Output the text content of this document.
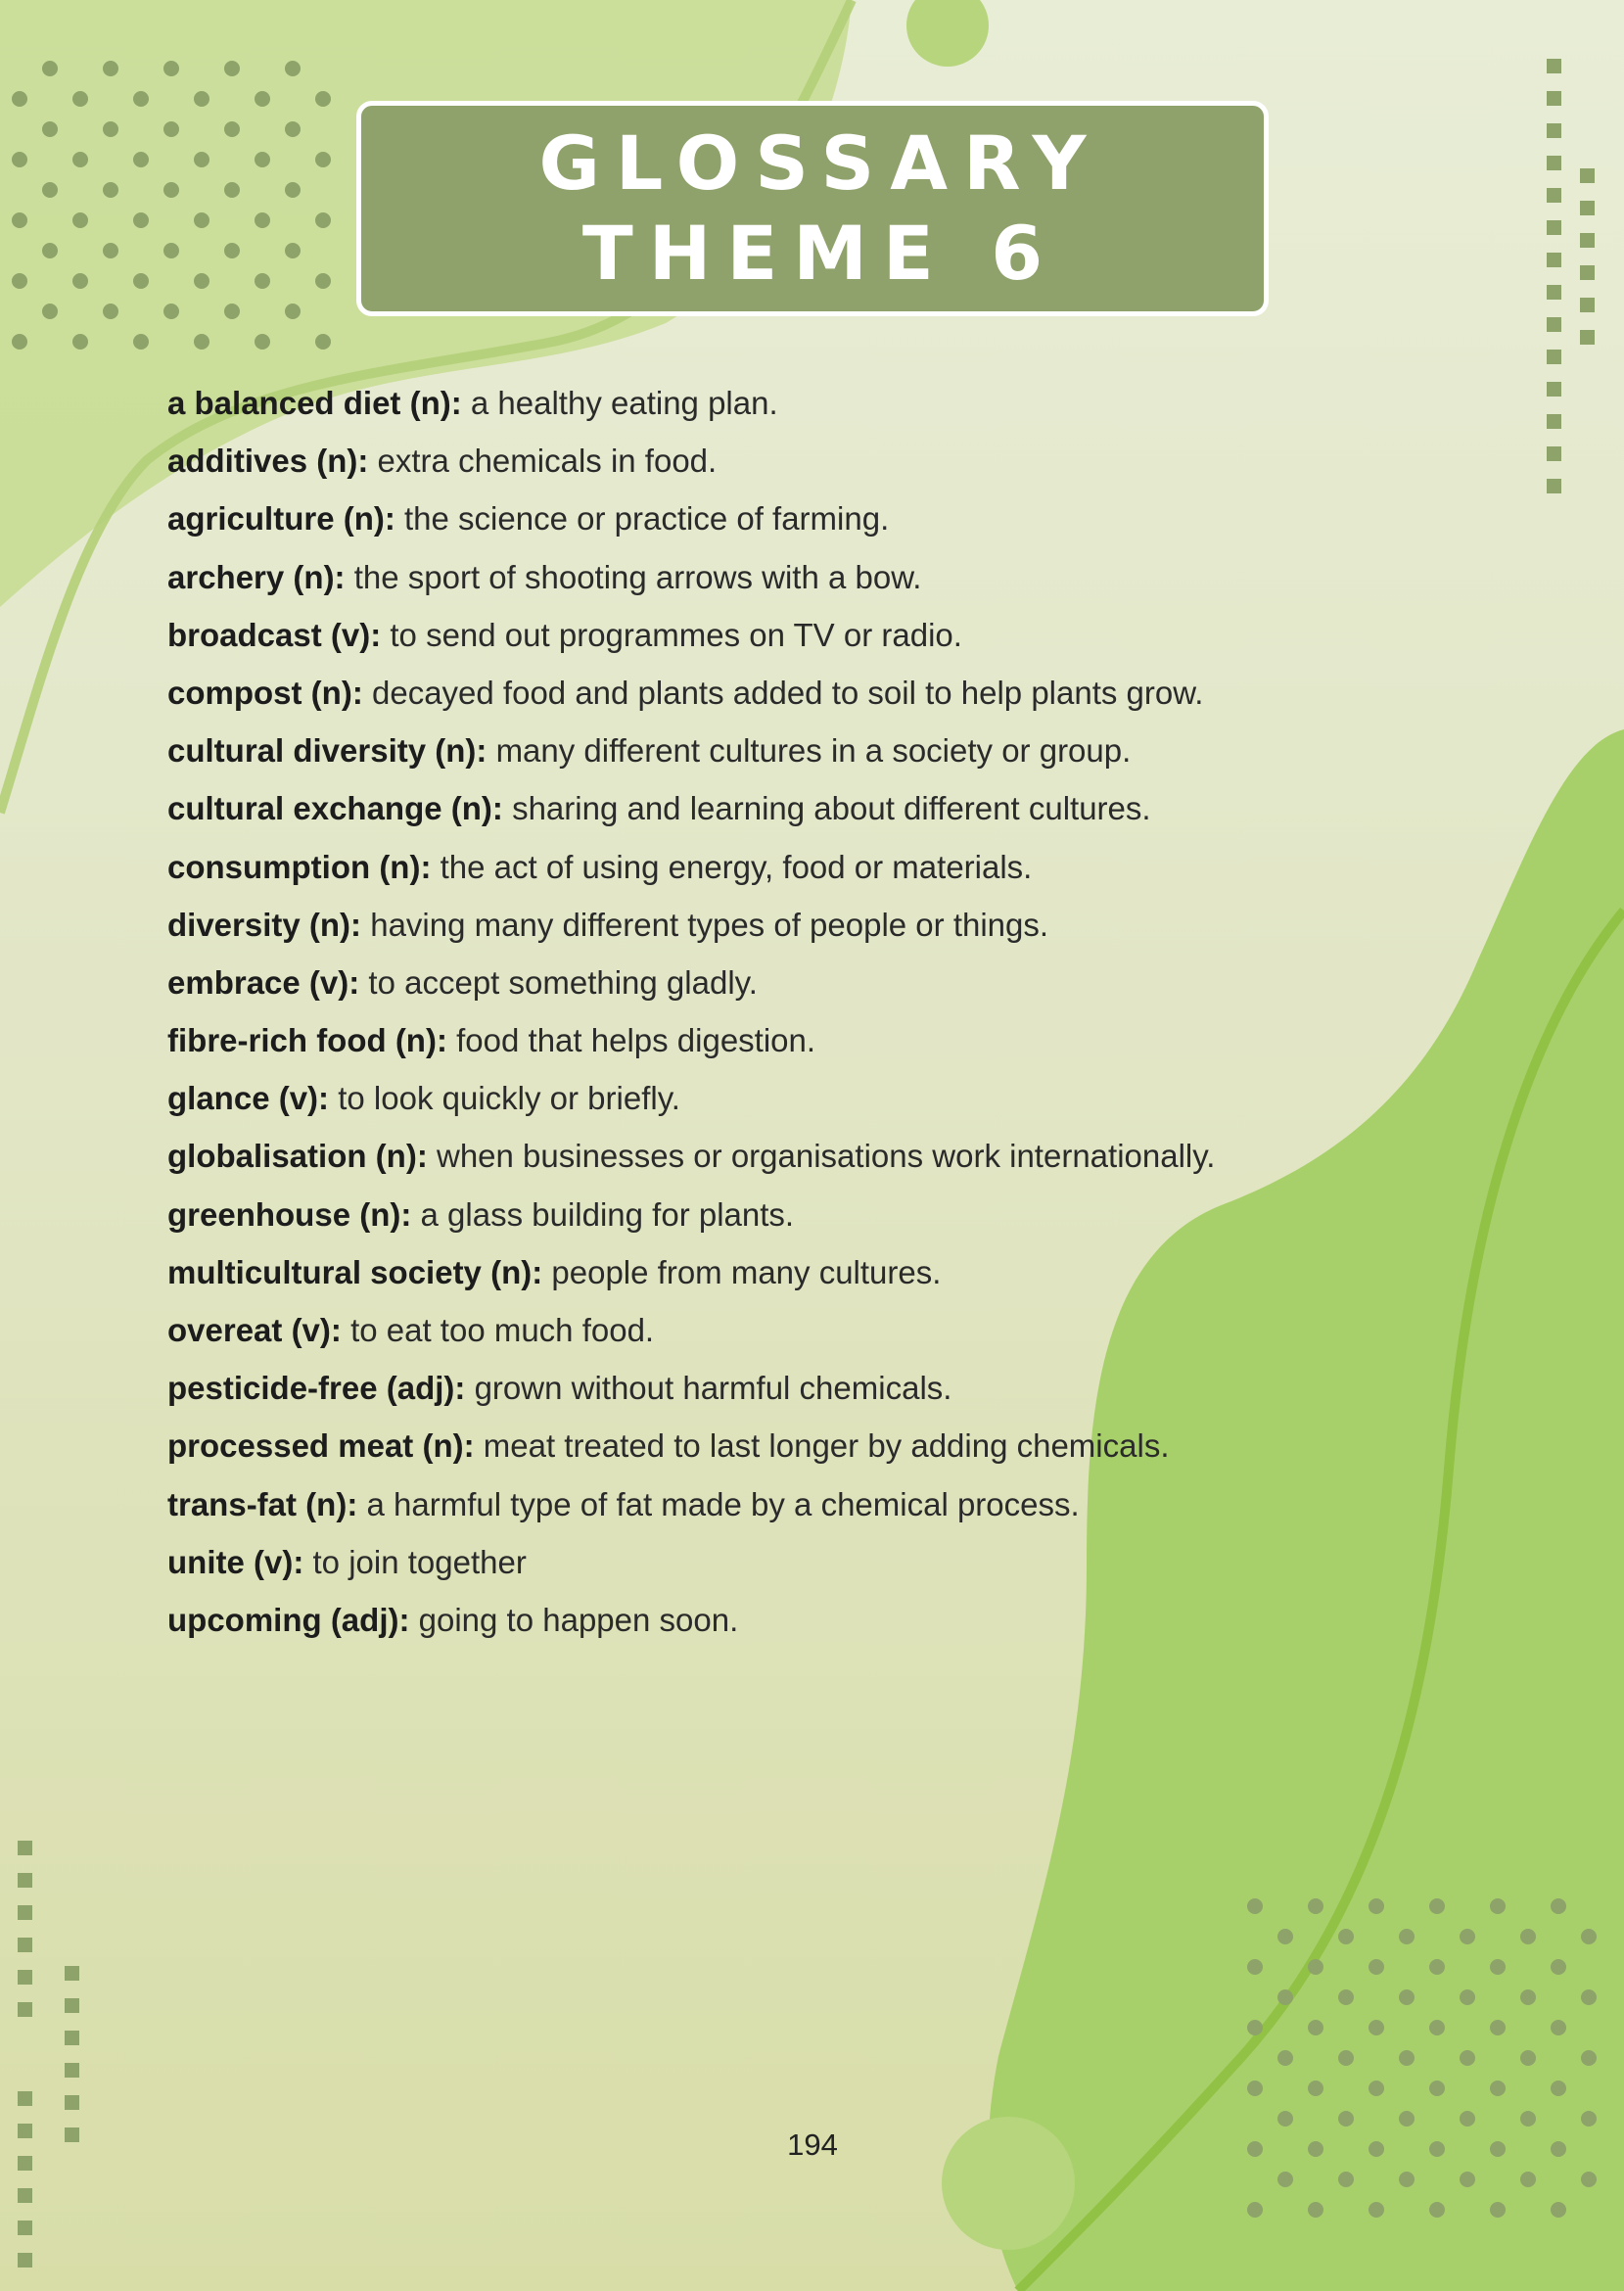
GLOSSARY
THEME 6
a balanced diet (n): a healthy eating plan.
additives (n): extra chemicals in food.
agriculture (n): the science or practice of farming.
archery (n): the sport of shooting arrows with a bow.
broadcast (v): to send out programmes on TV or radio.
compost (n): decayed food and plants added to soil to help plants grow.
cultural diversity (n): many different cultures in a society or group.
cultural exchange (n): sharing and learning about different cultures.
consumption (n): the act of using energy, food or materials.
diversity (n): having many different types of people or things.
embrace (v): to accept something gladly.
fibre-rich food (n): food that helps digestion.
glance (v): to look quickly or briefly.
globalisation (n): when businesses or organisations work internationally.
greenhouse (n): a glass building for plants.
multicultural society (n): people from many cultures.
overeat (v): to eat too much food.
pesticide-free (adj): grown without harmful chemicals.
processed meat (n): meat treated to last longer by adding chemicals.
trans-fat (n): a harmful type of fat made by a chemical process.
unite (v): to join together
upcoming (adj): going to happen soon.
194
